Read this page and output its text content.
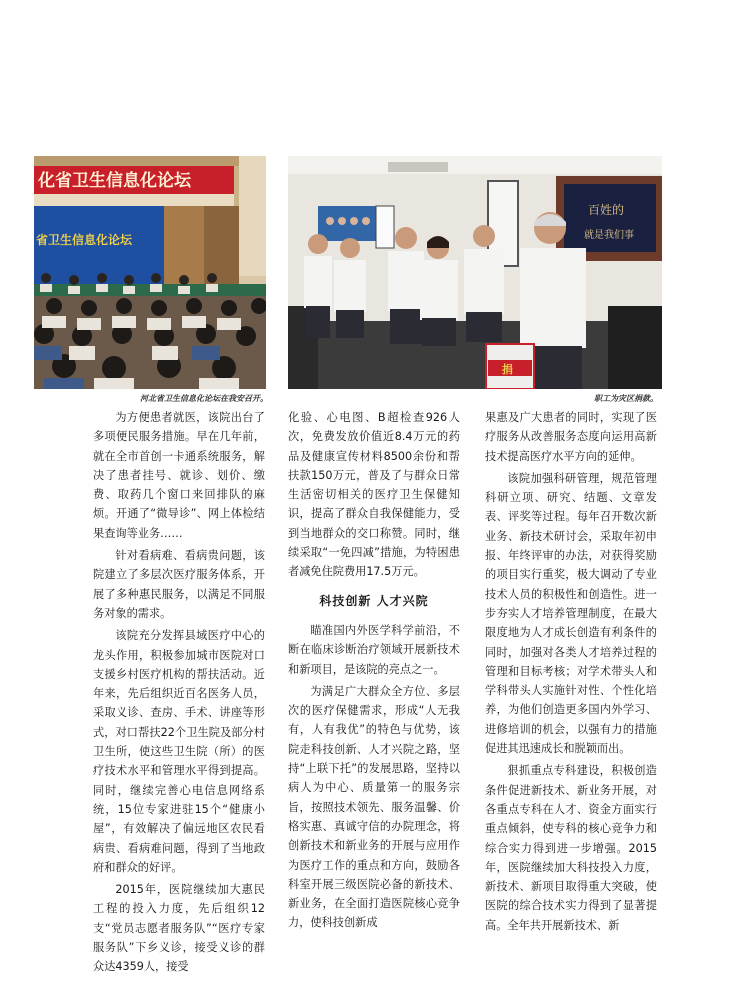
化省卫生信息化论坛
省卫生信息化论坛
河北省卫生信息化论坛在我安召开。
百姓的
就是我们事
捐
职工为灾区捐款。

为方便患者就医，该院出台了多项便民服务措施。早在几年前，就在全市首创一卡通系统服务，解决了患者挂号、就诊、划价、缴费、取药几个窗口来回排队的麻烦。开通了“微导诊”、网上体检结果查询等业务……

针对看病难、看病贵问题，该院建立了多层次医疗服务体系，开展了多种惠民服务，以满足不同服务对象的需求。

该院充分发挥县域医疗中心的龙头作用，积极参加城市医院对口支援乡村医疗机构的帮扶活动。近年来，先后组织近百名医务人员，采取义诊、查房、手术、讲座等形式，对口帮扶22个卫生院及部分村卫生所，使这些卫生院（所）的医疗技术水平和管理水平得到提高。同时，继续完善心电信息网络系统，15位专家进驻15个“健康小屋”，有效解决了偏远地区农民看病贵、看病难问题，得到了当地政府和群众的好评。

2015年，医院继续加大惠民工程的投入力度，先后组织12支“党员志愿者服务队”“医疗专家服务队”下乡义诊，接受义诊的群众达4359人，接受

化验、心电图、B超检查926人次，免费发放价值近8.4万元的药品及健康宣传材料8500余份和帮扶款150万元，普及了与群众日常生活密切相关的医疗卫生保健知识，提高了群众自我保健能力，受到当地群众的交口称赞。同时，继续采取“一免四减”措施，为特困患者减免住院费用17.5万元。

科技创新 人才兴院

瞄准国内外医学科学前沿，不断在临床诊断治疗领域开展新技术和新项目，是该院的亮点之一。

为满足广大群众全方位、多层次的医疗保健需求，形成“人无我有，人有我优”的特色与优势，该院走科技创新、人才兴院之路，坚持“上联下托”的发展思路，坚持以病人为中心、质量第一的服务宗旨，按照技术领先、服务温馨、价格实惠、真诚守信的办院理念，将创新技术和新业务的开展与应用作为医疗工作的重点和方向，鼓励各科室开展三级医院必备的新技术、新业务，在全面打造医院核心竞争力，使科技创新成

果惠及广大患者的同时，实现了医疗服务从改善服务态度向运用高新技术提高医疗水平方向的延伸。

该院加强科研管理，规范管理科研立项、研究、结题、文章发表、评奖等过程。每年召开数次新业务、新技术研讨会，采取年初申报、年终评审的办法，对获得奖励的项目实行重奖，极大调动了专业技术人员的积极性和创造性。进一步夯实人才培养管理制度，在最大限度地为人才成长创造有利条件的同时，加强对各类人才培养过程的管理和目标考核；对学术带头人和学科带头人实施针对性、个性化培养，为他们创造更多国内外学习、进修培训的机会，以强有力的措施促进其迅速成长和脱颖而出。

狠抓重点专科建设，积极创造条件促进新技术、新业务开展，对各重点专科在人才、资金方面实行重点倾斜，使专科的核心竞争力和综合实力得到进一步增强。2015年，医院继续加大科技投入力度，新技术、新项目取得重大突破，使医院的综合技术实力得到了显著提高。全年共开展新技术、新
